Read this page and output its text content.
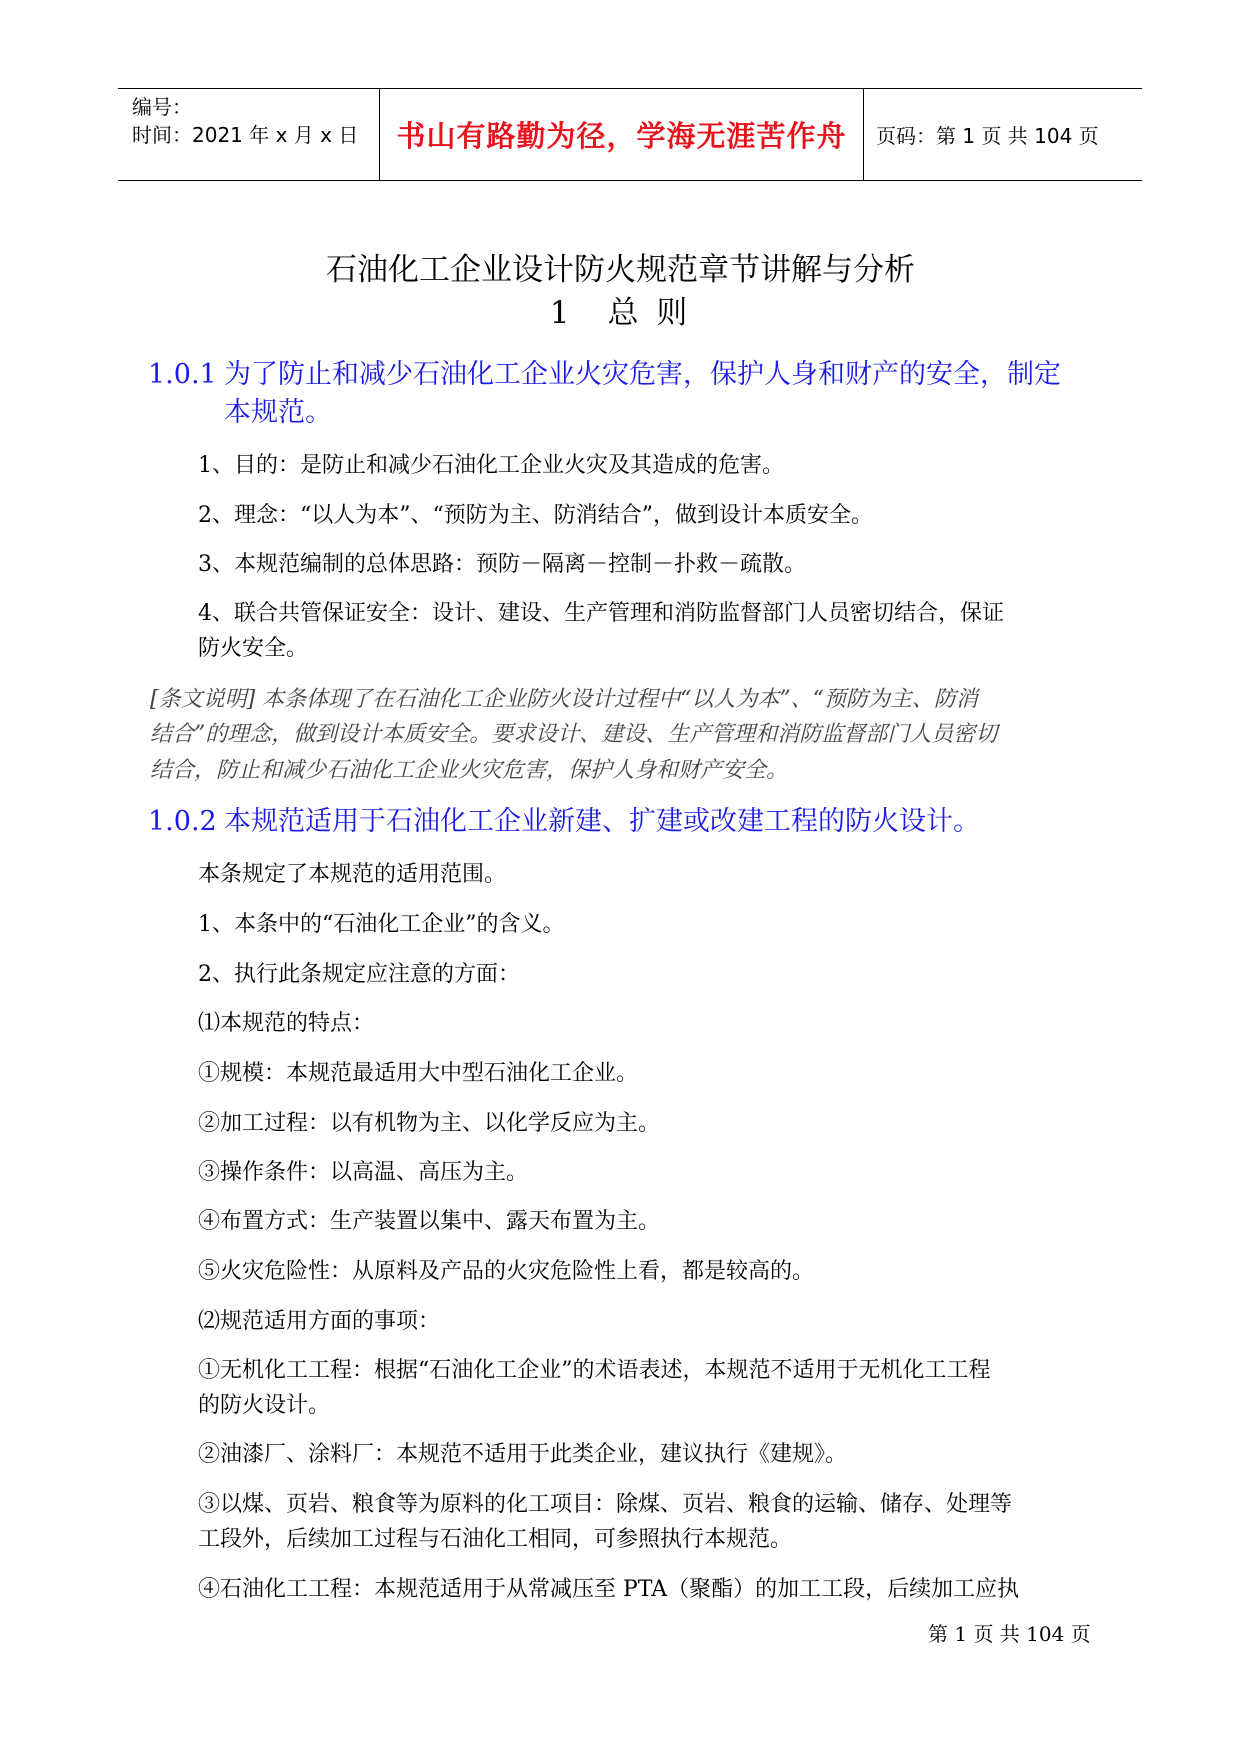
编号：
时间：2021 年 x 月 x 日	书山有路勤为径，学海无涯苦作舟 页码：第 1 页 共 104 页
石油化工企业设计防火规范章节讲解与分析
1 总 则
1.0.1 为了防止和减少石油化工企业火灾危害，保护人身和财产的安全，制定
本规范。
1、目的：是防止和减少石油化工企业火灾及其造成的危害。
2、理念：“以人为本”、“预防为主、防消结合”，做到设计本质安全。
3、本规范编制的总体思路：预防－隔离－控制－扑救－疏散。
4、联合共管保证安全：设计、建设、生产管理和消防监督部门人员密切结合，保证
防火安全。
[条文说明] 本条体现了在石油化工企业防火设计过程中“以人为本”、“预防为主、防消
结合”的理念，做到设计本质安全。要求设计、建设、生产管理和消防监督部门人员密切
结合，防止和减少石油化工企业火灾危害，保护人身和财产安全。
1.0.2 本规范适用于石油化工企业新建、扩建或改建工程的防火设计。
本条规定了本规范的适用范围。
1、本条中的“石油化工企业”的含义。
2、执行此条规定应注意的方面：
⑴本规范的特点：
①规模：本规范最适用大中型石油化工企业。
②加工过程：以有机物为主、以化学反应为主。
③操作条件：以高温、高压为主。
④布置方式：生产装置以集中、露天布置为主。
⑤火灾危险性：从原料及产品的火灾危险性上看，都是较高的。
⑵规范适用方面的事项：
①无机化工工程：根据“石油化工企业”的术语表述，本规范不适用于无机化工工程
的防火设计。
②油漆厂、涂料厂：本规范不适用于此类企业，建议执行《建规》。
③以煤、页岩、粮食等为原料的化工项目：除煤、页岩、粮食的运输、储存、处理等
工段外，后续加工过程与石油化工相同，可参照执行本规范。
④石油化工工程：本规范适用于从常减压至 PTA（聚酯）的加工工段，后续加工应执
第 1 页 共 104 页
